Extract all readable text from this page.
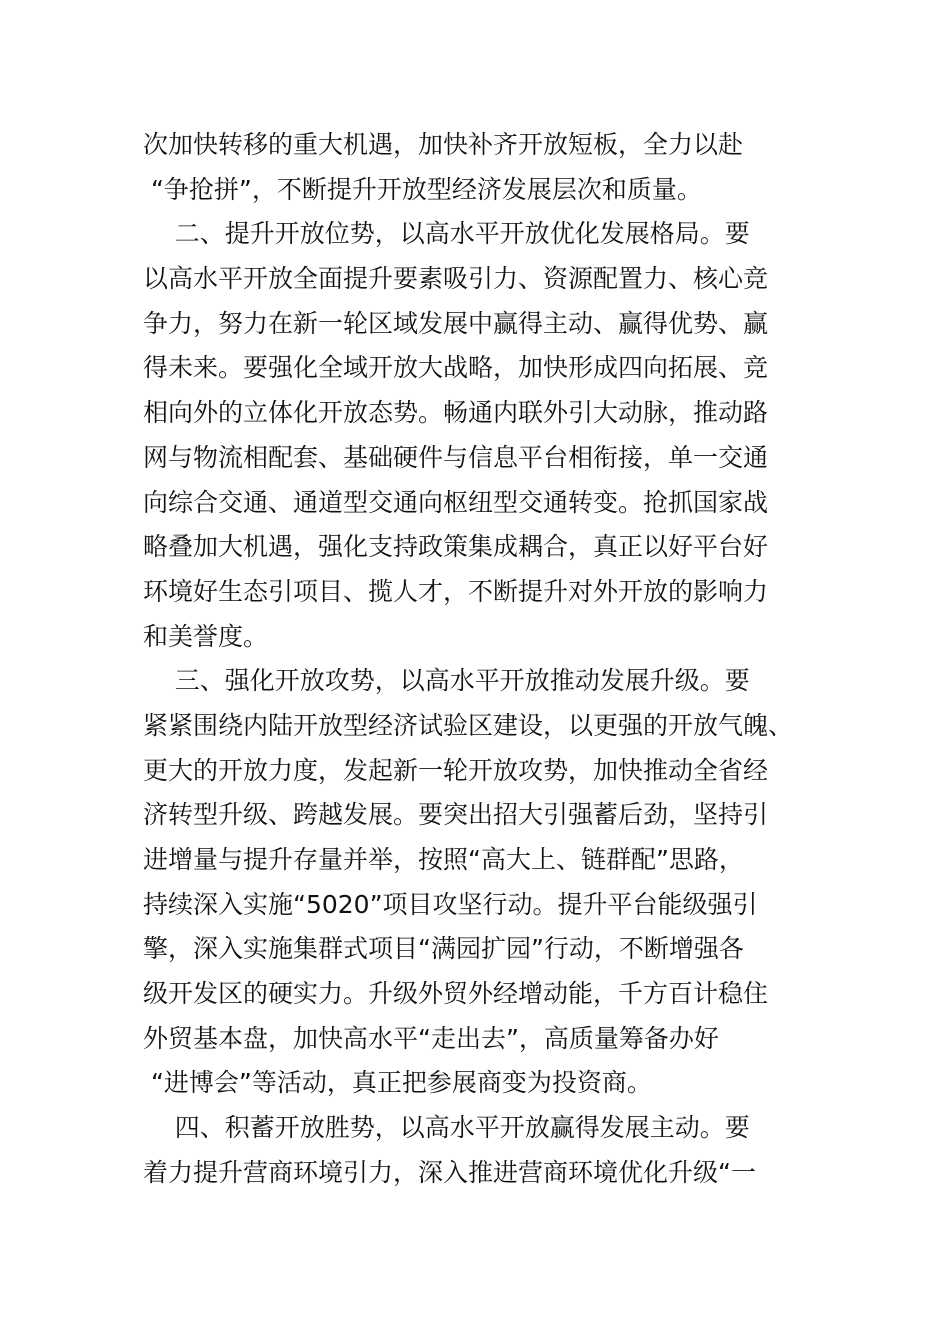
次加快转移的重大机遇，加快补齐开放短板，全力以赴
“争抢拼”，不断提升开放型经济发展层次和质量。
二、提升开放位势，以高水平开放优化发展格局。要
以高水平开放全面提升要素吸引力、资源配置力、核心竞
争力，努力在新一轮区域发展中赢得主动、赢得优势、赢
得未来。要强化全域开放大战略，加快形成四向拓展、竞
相向外的立体化开放态势。畅通内联外引大动脉，推动路
网与物流相配套、基础硬件与信息平台相衔接，单一交通
向综合交通、通道型交通向枢纽型交通转变。抢抓国家战
略叠加大机遇，强化支持政策集成耦合，真正以好平台好
环境好生态引项目、揽人才，不断提升对外开放的影响力
和美誉度。
三、强化开放攻势，以高水平开放推动发展升级。要
紧紧围绕内陆开放型经济试验区建设，以更强的开放气魄、
更大的开放力度，发起新一轮开放攻势，加快推动全省经
济转型升级、跨越发展。要突出招大引强蓄后劲，坚持引
进增量与提升存量并举，按照“高大上、链群配”思路，
持续深入实施“5020”项目攻坚行动。提升平台能级强引
擎，深入实施集群式项目“满园扩园”行动，不断增强各
级开发区的硬实力。升级外贸外经增动能，千方百计稳住
外贸基本盘，加快高水平“走出去”，高质量筹备办好
“进博会”等活动，真正把参展商变为投资商。
四、积蓄开放胜势，以高水平开放赢得发展主动。要
着力提升营商环境引力，深入推进营商环境优化升级“一
